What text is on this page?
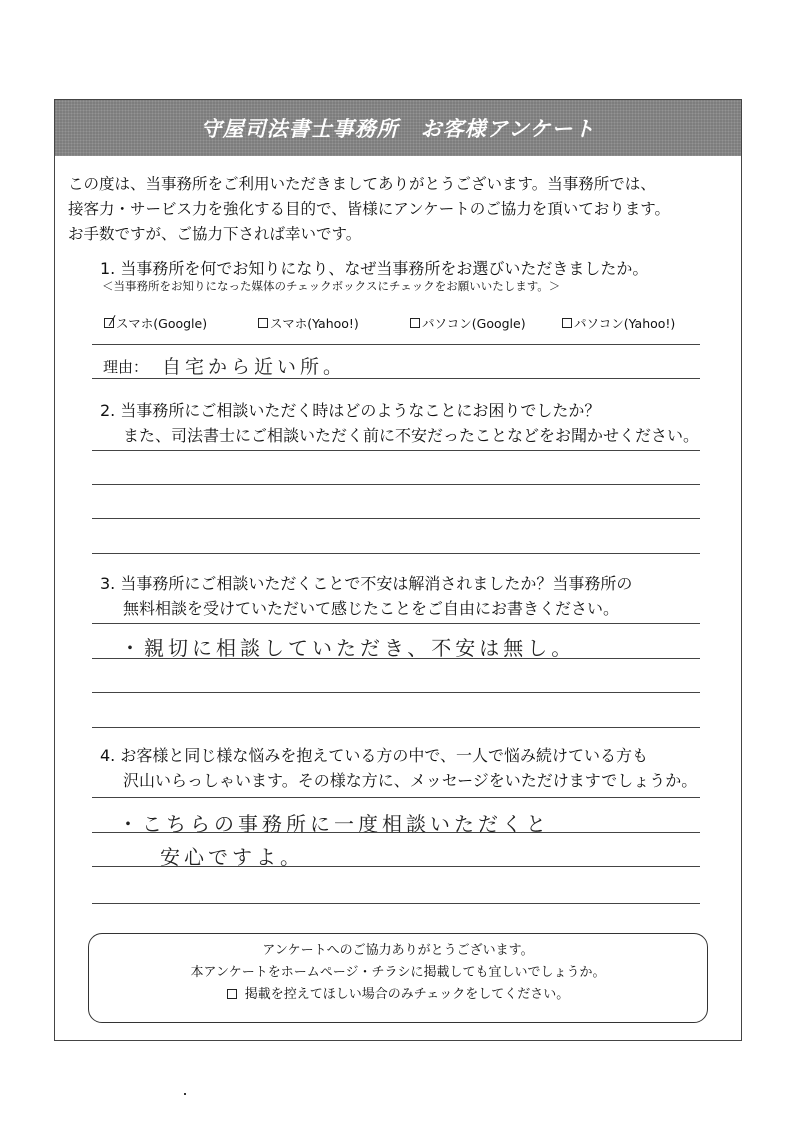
守屋司法書士事務所　お客様アンケート
この度は、当事務所をご利用いただきましてありがとうございます。当事務所では、
接客力・サービス力を強化する目的で、皆様にアンケートのご協力を頂いております。
お手数ですが、ご協力下されば幸いです。
1. 当事務所を何でお知りになり、なぜ当事務所をお選びいただきましたか。
＜当事務所をお知りになった媒体のチェックボックスにチェックをお願いいたします。＞
スマホ(Google)	スマホ(Yahoo!)	パソコン(Google)	パソコン(Yahoo!)
理由： 自宅から近い所。
2. 当事務所にご相談いただく時はどのようなことにお困りでしたか？
また、司法書士にご相談いただく前に不安だったことなどをお聞かせください。
3. 当事務所にご相談いただくことで不安は解消されましたか？当事務所の
無料相談を受けていただいて感じたことをご自由にお書きください。
・親切に相談していただき、不安は無し。
4. お客様と同じ様な悩みを抱えている方の中で、一人で悩み続けている方も
沢山いらっしゃいます。その様な方に、メッセージをいただけますでしょうか。
・こちらの事務所に一度相談いただくと
安心ですよ。
アンケートへのご協力ありがとうございます。
本アンケートをホームページ・チラシに掲載しても宜しいでしょうか。
掲載を控えてほしい場合のみチェックをしてください。
